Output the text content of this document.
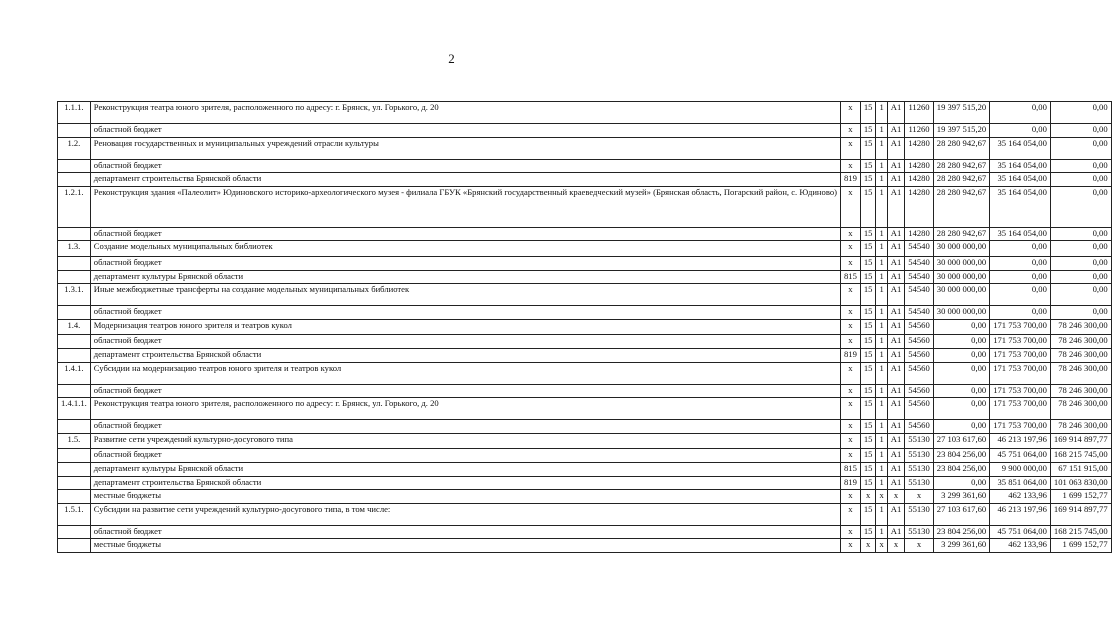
2
1.1.1.	Реконструкция театра юного зрителя, расположенного по адресу: г. Брянск, ул. Горького, д. 20	x	15	1	A1	11260	19 397 515,20	0,00	0,00
	областной бюджет	x	15	1	A1	11260	19 397 515,20	0,00	0,00
1.2.	Реновация государственных и муниципальных учреждений отрасли культуры	x	15	1	A1	14280	28 280 942,67	35 164 054,00	0,00
	областной бюджет	x	15	1	A1	14280	28 280 942,67	35 164 054,00	0,00
	департамент строительства Брянской области	819	15	1	A1	14280	28 280 942,67	35 164 054,00	0,00
1.2.1.	Реконструкция здания «Палеолит» Юдиновского историко-археологического музея - филиала ГБУК «Брянский государственный краеведческий музей» (Брянская область, Погарский район, с. Юдиново)	x	15	1	A1	14280	28 280 942,67	35 164 054,00	0,00
	областной бюджет	x	15	1	A1	14280	28 280 942,67	35 164 054,00	0,00
1.3.	Создание модельных муниципальных библиотек	x	15	1	A1	54540	30 000 000,00	0,00	0,00
	областной бюджет	x	15	1	A1	54540	30 000 000,00	0,00	0,00
	департамент культуры Брянской области	815	15	1	A1	54540	30 000 000,00	0,00	0,00
1.3.1.	Иные межбюджетные трансферты на создание модельных муниципальных библиотек	x	15	1	A1	54540	30 000 000,00	0,00	0,00
	областной бюджет	x	15	1	A1	54540	30 000 000,00	0,00	0,00
1.4.	Модернизация театров юного зрителя и театров кукол	x	15	1	A1	54560	0,00	171 753 700,00	78 246 300,00
	областной бюджет	x	15	1	A1	54560	0,00	171 753 700,00	78 246 300,00
	департамент строительства Брянской области	819	15	1	A1	54560	0,00	171 753 700,00	78 246 300,00
1.4.1.	Субсидии на модернизацию театров юного зрителя и театров кукол	x	15	1	A1	54560	0,00	171 753 700,00	78 246 300,00
	областной бюджет	x	15	1	A1	54560	0,00	171 753 700,00	78 246 300,00
1.4.1.1.	Реконструкция театра юного зрителя, расположенного по адресу: г. Брянск, ул. Горького, д. 20	x	15	1	A1	54560	0,00	171 753 700,00	78 246 300,00
	областной бюджет	x	15	1	A1	54560	0,00	171 753 700,00	78 246 300,00
1.5.	Развитие сети учреждений культурно-досугового типа	x	15	1	A1	55130	27 103 617,60	46 213 197,96	169 914 897,77
	областной бюджет	x	15	1	A1	55130	23 804 256,00	45 751 064,00	168 215 745,00
	департамент культуры Брянской области	815	15	1	A1	55130	23 804 256,00	9 900 000,00	67 151 915,00
	департамент строительства Брянской области	819	15	1	A1	55130	0,00	35 851 064,00	101 063 830,00
	местные бюджеты	x	x	x	x	x	3 299 361,60	462 133,96	1 699 152,77
1.5.1.	Субсидии на развитие сети учреждений культурно-досугового типа, в том числе:	x	15	1	A1	55130	27 103 617,60	46 213 197,96	169 914 897,77
	областной бюджет	x	15	1	A1	55130	23 804 256,00	45 751 064,00	168 215 745,00
	местные бюджеты	x	x	x	x	x	3 299 361,60	462 133,96	1 699 152,77
